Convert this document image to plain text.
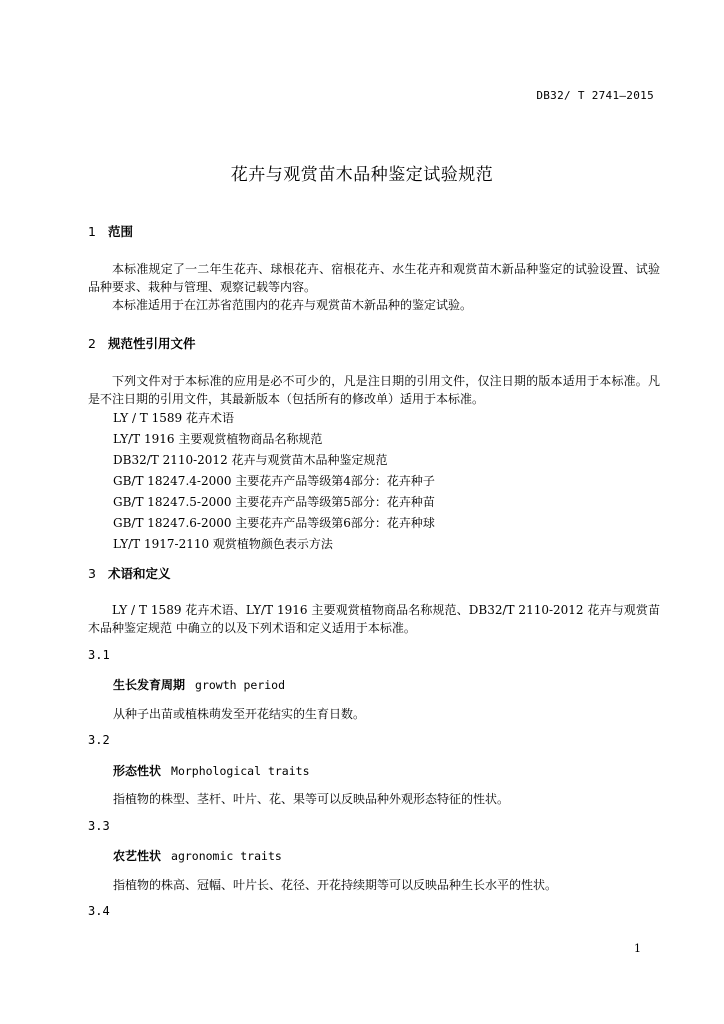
DB32/ T 2741—2015
花卉与观赏苗木品种鉴定试验规范
1 范围
本标准规定了一二年生花卉、球根花卉、宿根花卉、水生花卉和观赏苗木新品种鉴定的试验设置、试验品种要求、栽种与管理、观察记载等内容。
本标准适用于在江苏省范围内的花卉与观赏苗木新品种的鉴定试验。
2 规范性引用文件
下列文件对于本标准的应用是必不可少的，凡是注日期的引用文件，仅注日期的版本适用于本标准。凡是不注日期的引用文件，其最新版本（包括所有的修改单）适用于本标准。
LY / T 1589 花卉术语
LY/T 1916 主要观赏植物商品名称规范
DB32/T 2110-2012 花卉与观赏苗木品种鉴定规范
GB/T 18247.4-2000 主要花卉产品等级第4部分：花卉种子
GB/T 18247.5-2000 主要花卉产品等级第5部分：花卉种苗
GB/T 18247.6-2000 主要花卉产品等级第6部分：花卉种球
LY/T 1917-2110 观赏植物颜色表示方法
3 术语和定义
LY / T 1589 花卉术语、LY/T 1916 主要观赏植物商品名称规范、DB32/T 2110-2012 花卉与观赏苗木品种鉴定规范 中确立的以及下列术语和定义适用于本标准。
3.1
生长发育周期 growth period
从种子出苗或植株萌发至开花结实的生育日数。
3.2
形态性状 Morphological traits
指植物的株型、茎杆、叶片、花、果等可以反映品种外观形态特征的性状。
3.3
农艺性状 agronomic traits
指植物的株高、冠幅、叶片长、花径、开花持续期等可以反映品种生长水平的性状。
3.4
1
